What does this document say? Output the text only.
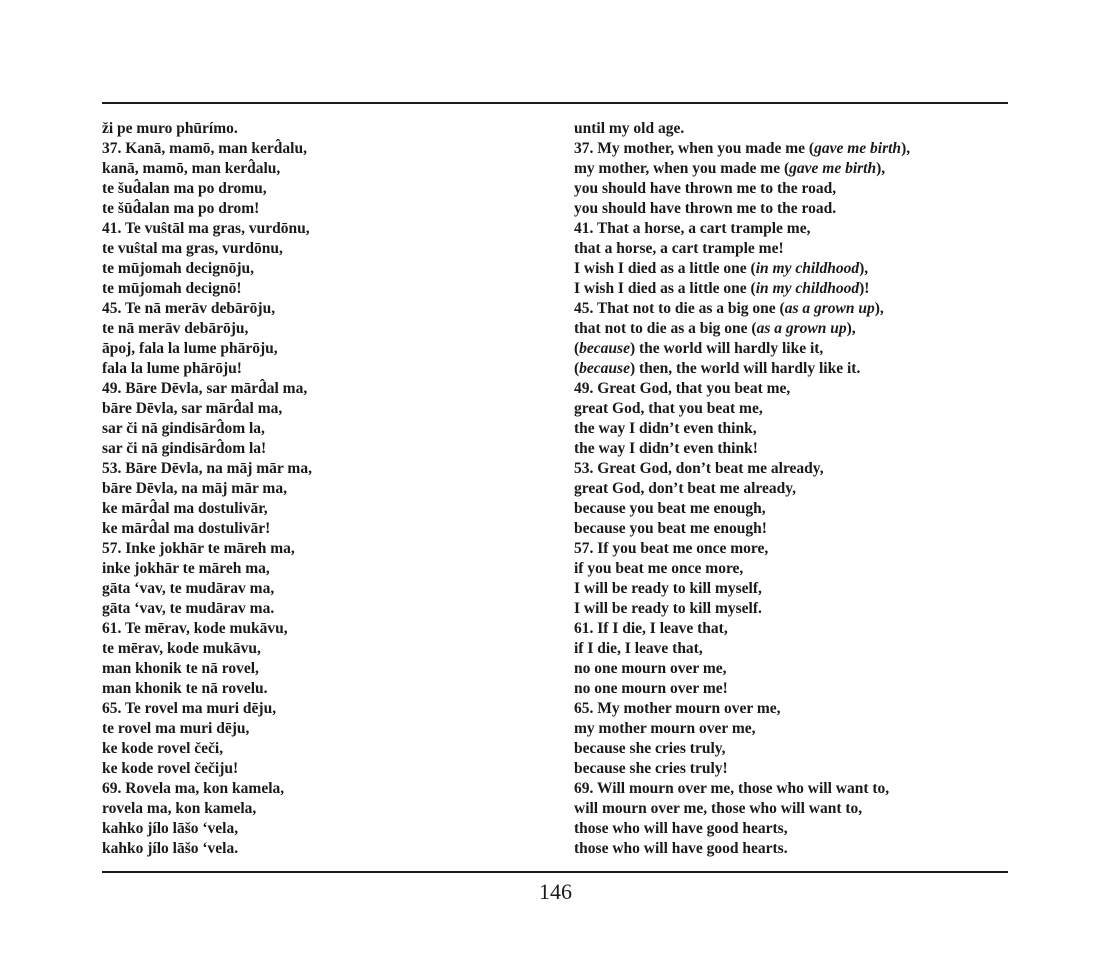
ži pe muro phūrímo.
37. Kanā, mamō, man kerd̂alu,
kanā, mamō, man kerd̂alu,
te šud̂alan ma po dromu,
te šūd̂alan ma po drom!
41. Te vuŝtāl ma gras, vurdōnu,
te vuŝtal ma gras, vurdōnu,
te mūjomah decignōju,
te mūjomah decignō!
45. Te nā merāv debārōju,
te nā merāv debārōju,
āpoj, fala la lume phārōju,
fala la lume phārōju!
49. Bāre Dēvla, sar mārd̂al ma,
bāre Dēvla, sar mārd̂al ma,
sar či nā gindisārd̂om la,
sar či nā gindisārd̂om la!
53. Bāre Dēvla, na māj mār ma,
bāre Dēvla, na māj mār ma,
ke mārd̂al ma dostulivār,
ke mārd̂al ma dostulivār!
57. Inke jokhār te māreh ma,
inke jokhār te māreh ma,
gāta ‘vav, te mudārav ma,
gāta ‘vav, te mudārav ma.
61. Te mērav, kode mukāvu,
te mērav, kode mukāvu,
man khonik te nā rovel,
man khonik te nā rovelu.
65. Te rovel ma muri dēju,
te rovel ma muri dēju,
ke kode rovel čeči,
ke kode rovel čečiju!
69. Rovela ma, kon kamela,
rovela ma, kon kamela,
kahko jílo lāšo ‘vela,
kahko jílo lāšo ‘vela.
until my old age.
37. My mother, when you made me (gave me birth),
my mother, when you made me (gave me birth),
you should have thrown me to the road,
you should have thrown me to the road.
41. That a horse, a cart trample me,
that a horse, a cart trample me!
I wish I died as a little one (in my childhood),
I wish I died as a little one (in my childhood)!
45. That not to die as a big one (as a grown up),
that not to die as a big one (as a grown up),
(because) the world will hardly like it,
(because) then, the world will hardly like it.
49. Great God, that you beat me,
great God, that you beat me,
the way I didn’t even think,
the way I didn’t even think!
53. Great God, don’t beat me already,
great God, don’t beat me already,
because you beat me enough,
because you beat me enough!
57. If you beat me once more,
if you beat me once more,
I will be ready to kill myself,
I will be ready to kill myself.
61. If I die, I leave that,
if I die, I leave that,
no one mourn over me,
no one mourn over me!
65. My mother mourn over me,
my mother mourn over me,
because she cries truly,
because she cries truly!
69. Will mourn over me, those who will want to,
will mourn over me, those who will want to,
those who will have good hearts,
those who will have good hearts.
146
